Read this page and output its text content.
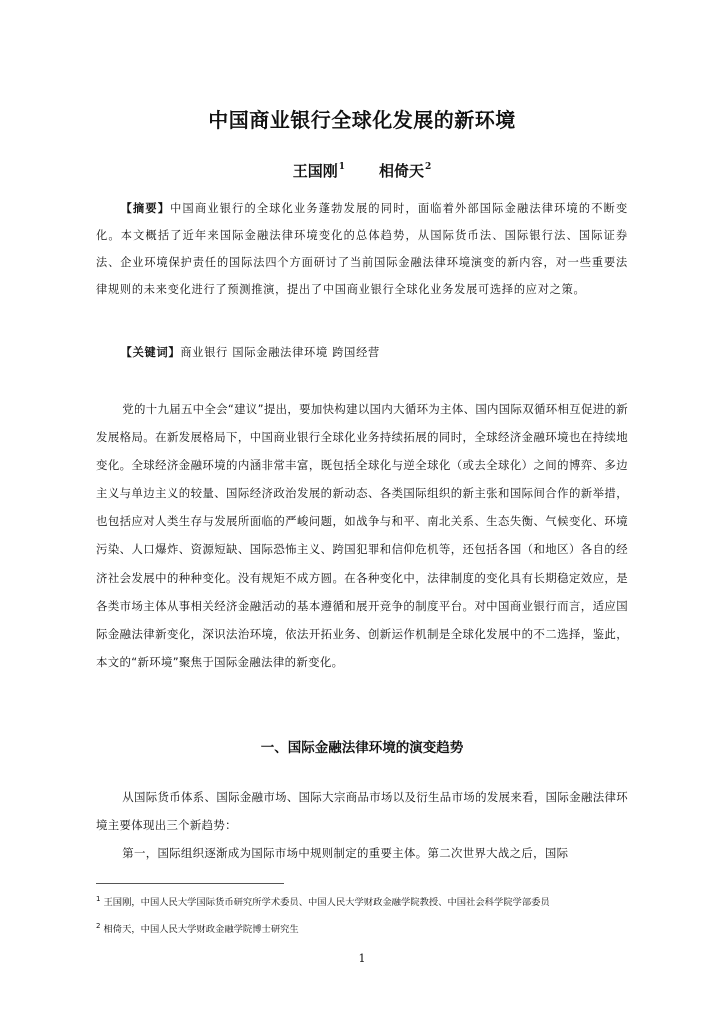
中国商业银行全球化发展的新环境
王国刚$^1$ 相倚天$^2$

【摘要】中国商业银行的全球化业务蓬勃发展的同时，面临着外部国际金融法律环境的不断变化。本文概括了近年来国际金融法律环境变化的总体趋势，从国际货币法、国际银行法、国际证券法、企业环境保护责任的国际法四个方面研讨了当前国际金融法律环境演变的新内容，对一些重要法律规则的未来变化进行了预测推演，提出了中国商业银行全球化业务发展可选择的应对之策。

【关键词】商业银行 国际金融法律环境 跨国经营

党的十九届五中全会“建议”提出，要加快构建以国内大循环为主体、国内国际双循环相互促进的新发展格局。在新发展格局下，中国商业银行全球化业务持续拓展的同时，全球经济金融环境也在持续地变化。全球经济金融环境的内涵非常丰富，既包括全球化与逆全球化（或去全球化）之间的博弈、多边主义与单边主义的较量、国际经济政治发展的新动态、各类国际组织的新主张和国际间合作的新举措，也包括应对人类生存与发展所面临的严峻问题，如战争与和平、南北关系、生态失衡、气候变化、环境污染、人口爆炸、资源短缺、国际恐怖主义、跨国犯罪和信仰危机等，还包括各国（和地区）各自的经济社会发展中的种种变化。没有规矩不成方圆。在各种变化中，法律制度的变化具有长期稳定效应，是各类市场主体从事相关经济金融活动的基本遵循和展开竞争的制度平台。对中国商业银行而言，适应国际金融法律新变化，深识法治环境，依法开拓业务、创新运作机制是全球化发展中的不二选择，鉴此，本文的“新环境”聚焦于国际金融法律的新变化。

一、国际金融法律环境的演变趋势

从国际货币体系、国际金融市场、国际大宗商品市场以及衍生品市场的发展来看，国际金融法律环境主要体现出三个新趋势：

第一，国际组织逐渐成为国际市场中规则制定的重要主体。第二次世界大战之后，国际

$^1$ 王国刚，中国人民大学国际货币研究所学术委员、中国人民大学财政金融学院教授、中国社会科学院学部委员

$^2$ 相倚天，中国人民大学财政金融学院博士研究生

1
